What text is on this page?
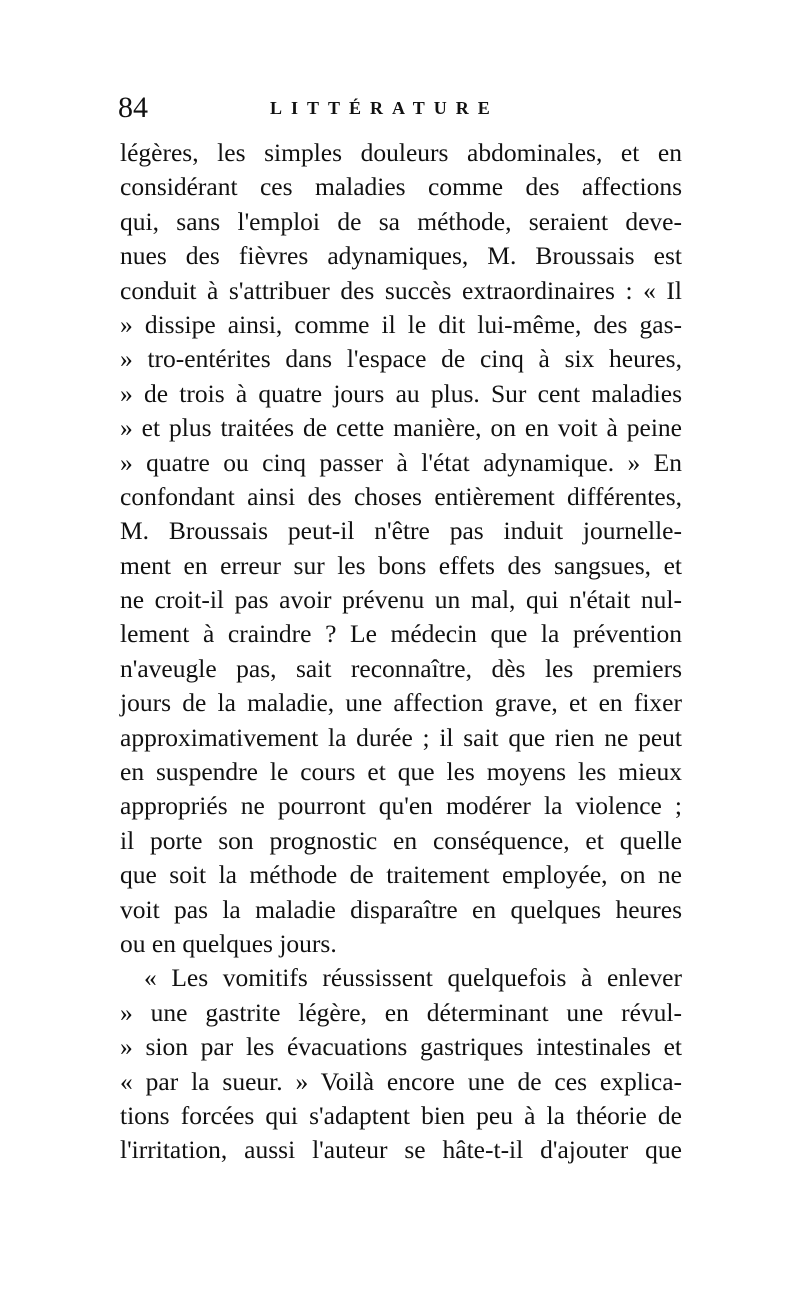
84	LITTÉRATURE
légères, les simples douleurs abdominales, et en
considérant ces maladies comme des affections
qui, sans l'emploi de sa méthode, seraient deve-
nues des fièvres adynamiques, M. Broussais est
conduit à s'attribuer des succès extraordinaires : « Il
» dissipe ainsi, comme il le dit lui-même, des gas-
» tro-entérites dans l'espace de cinq à six heures,
» de trois à quatre jours au plus. Sur cent maladies
» et plus traitées de cette manière, on en voit à peine
» quatre ou cinq passer à l'état adynamique. » En
confondant ainsi des choses entièrement différentes,
M. Broussais peut-il n'être pas induit journelle-
ment en erreur sur les bons effets des sangsues, et
ne croit-il pas avoir prévenu un mal, qui n'était nul-
lement à craindre ? Le médecin que la prévention
n'aveugle pas, sait reconnaître, dès les premiers
jours de la maladie, une affection grave, et en fixer
approximativement la durée ; il sait que rien ne peut
en suspendre le cours et que les moyens les mieux
appropriés ne pourront qu'en modérer la violence ;
il porte son prognostic en conséquence, et quelle
que soit la méthode de traitement employée, on ne
voit pas la maladie disparaître en quelques heures
ou en quelques jours.
« Les vomitifs réussissent quelquefois à enlever
» une gastrite légère, en déterminant une révul-
» sion par les évacuations gastriques intestinales et
« par la sueur. » Voilà encore une de ces explica-
tions forcées qui s'adaptent bien peu à la théorie de
l'irritation, aussi l'auteur se hâte-t-il d'ajouter que
